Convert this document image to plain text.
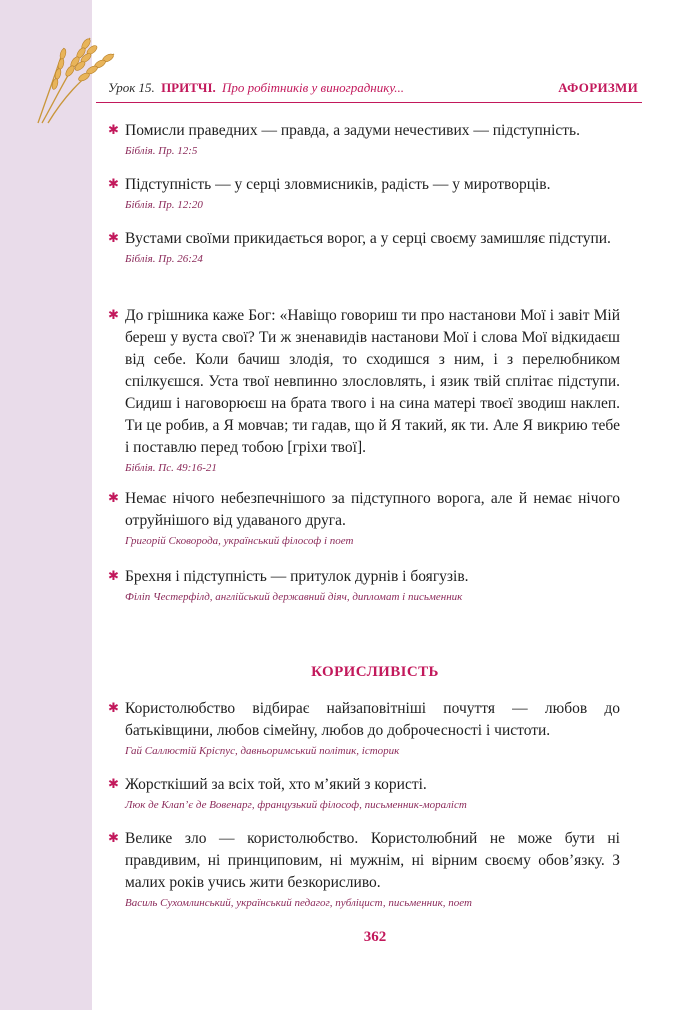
Урок 15. ПРИТЧІ. Про робітників у винограднику...	АФОРИЗМИ
✱ Помисли праведних — правда, а задуми нечестивих — підступність.
Біблія. Пр. 12:5
✱ Підступність — у серці зловмисників, радість — у миротворців.
Біблія. Пр. 12:20
✱ Вустами своїми прикидається ворог, а у серці своєму замишляє підступи.
Біблія. Пр. 26:24
✱ До грішника каже Бог: «Навіщо говориш ти про настанови Мої і завіт Мій береш у вуста свої? Ти ж зненавидів настанови Мої і слова Мої відкидаєш від себе. Коли бачиш злодія, то сходишся з ним, і з перелюбником спілкуєшся. Уста твої невпинно злословлять, і язик твій сплітає підступи. Сидиш і наговорюєш на брата твого і на сина матері твоєї зводиш наклеп. Ти це робив, а Я мовчав; ти гадав, що й Я такий, як ти. Але Я викрию тебе і поставлю перед тобою [гріхи твої].
Біблія. Пс. 49:16-21
✱ Немає нічого небезпечнішого за підступного ворога, але й немає нічого отруйнішого від удаваного друга.
Григорій Сковорода, український філософ і поет
✱ Брехня і підступність — притулок дурнів і боягузів.
Філіп Честерфілд, англійський державний діяч, дипломат і письменник
КОРИСЛИВІСТЬ
✱ Користолюбство відбирає найзаповітніші почуття — любов до батьківщини, любов сімейну, любов до доброчесності і чистоти.
Гай Саллюстій Кріспус, давньоримський політик, історик
✱ Жорсткіший за всіх той, хто м’який з користі.
Люк де Клап’є де Вовенарг, французький філософ, письменник-мораліст
✱ Велике зло — користолюбство. Користолюбний не може бути ні правдивим, ні принциповим, ні мужнім, ні вірним своєму обов’язку. З малих років учись жити безкорисливо.
Василь Сухомлинський, український педагог, публіцист, письменник, поет
362
